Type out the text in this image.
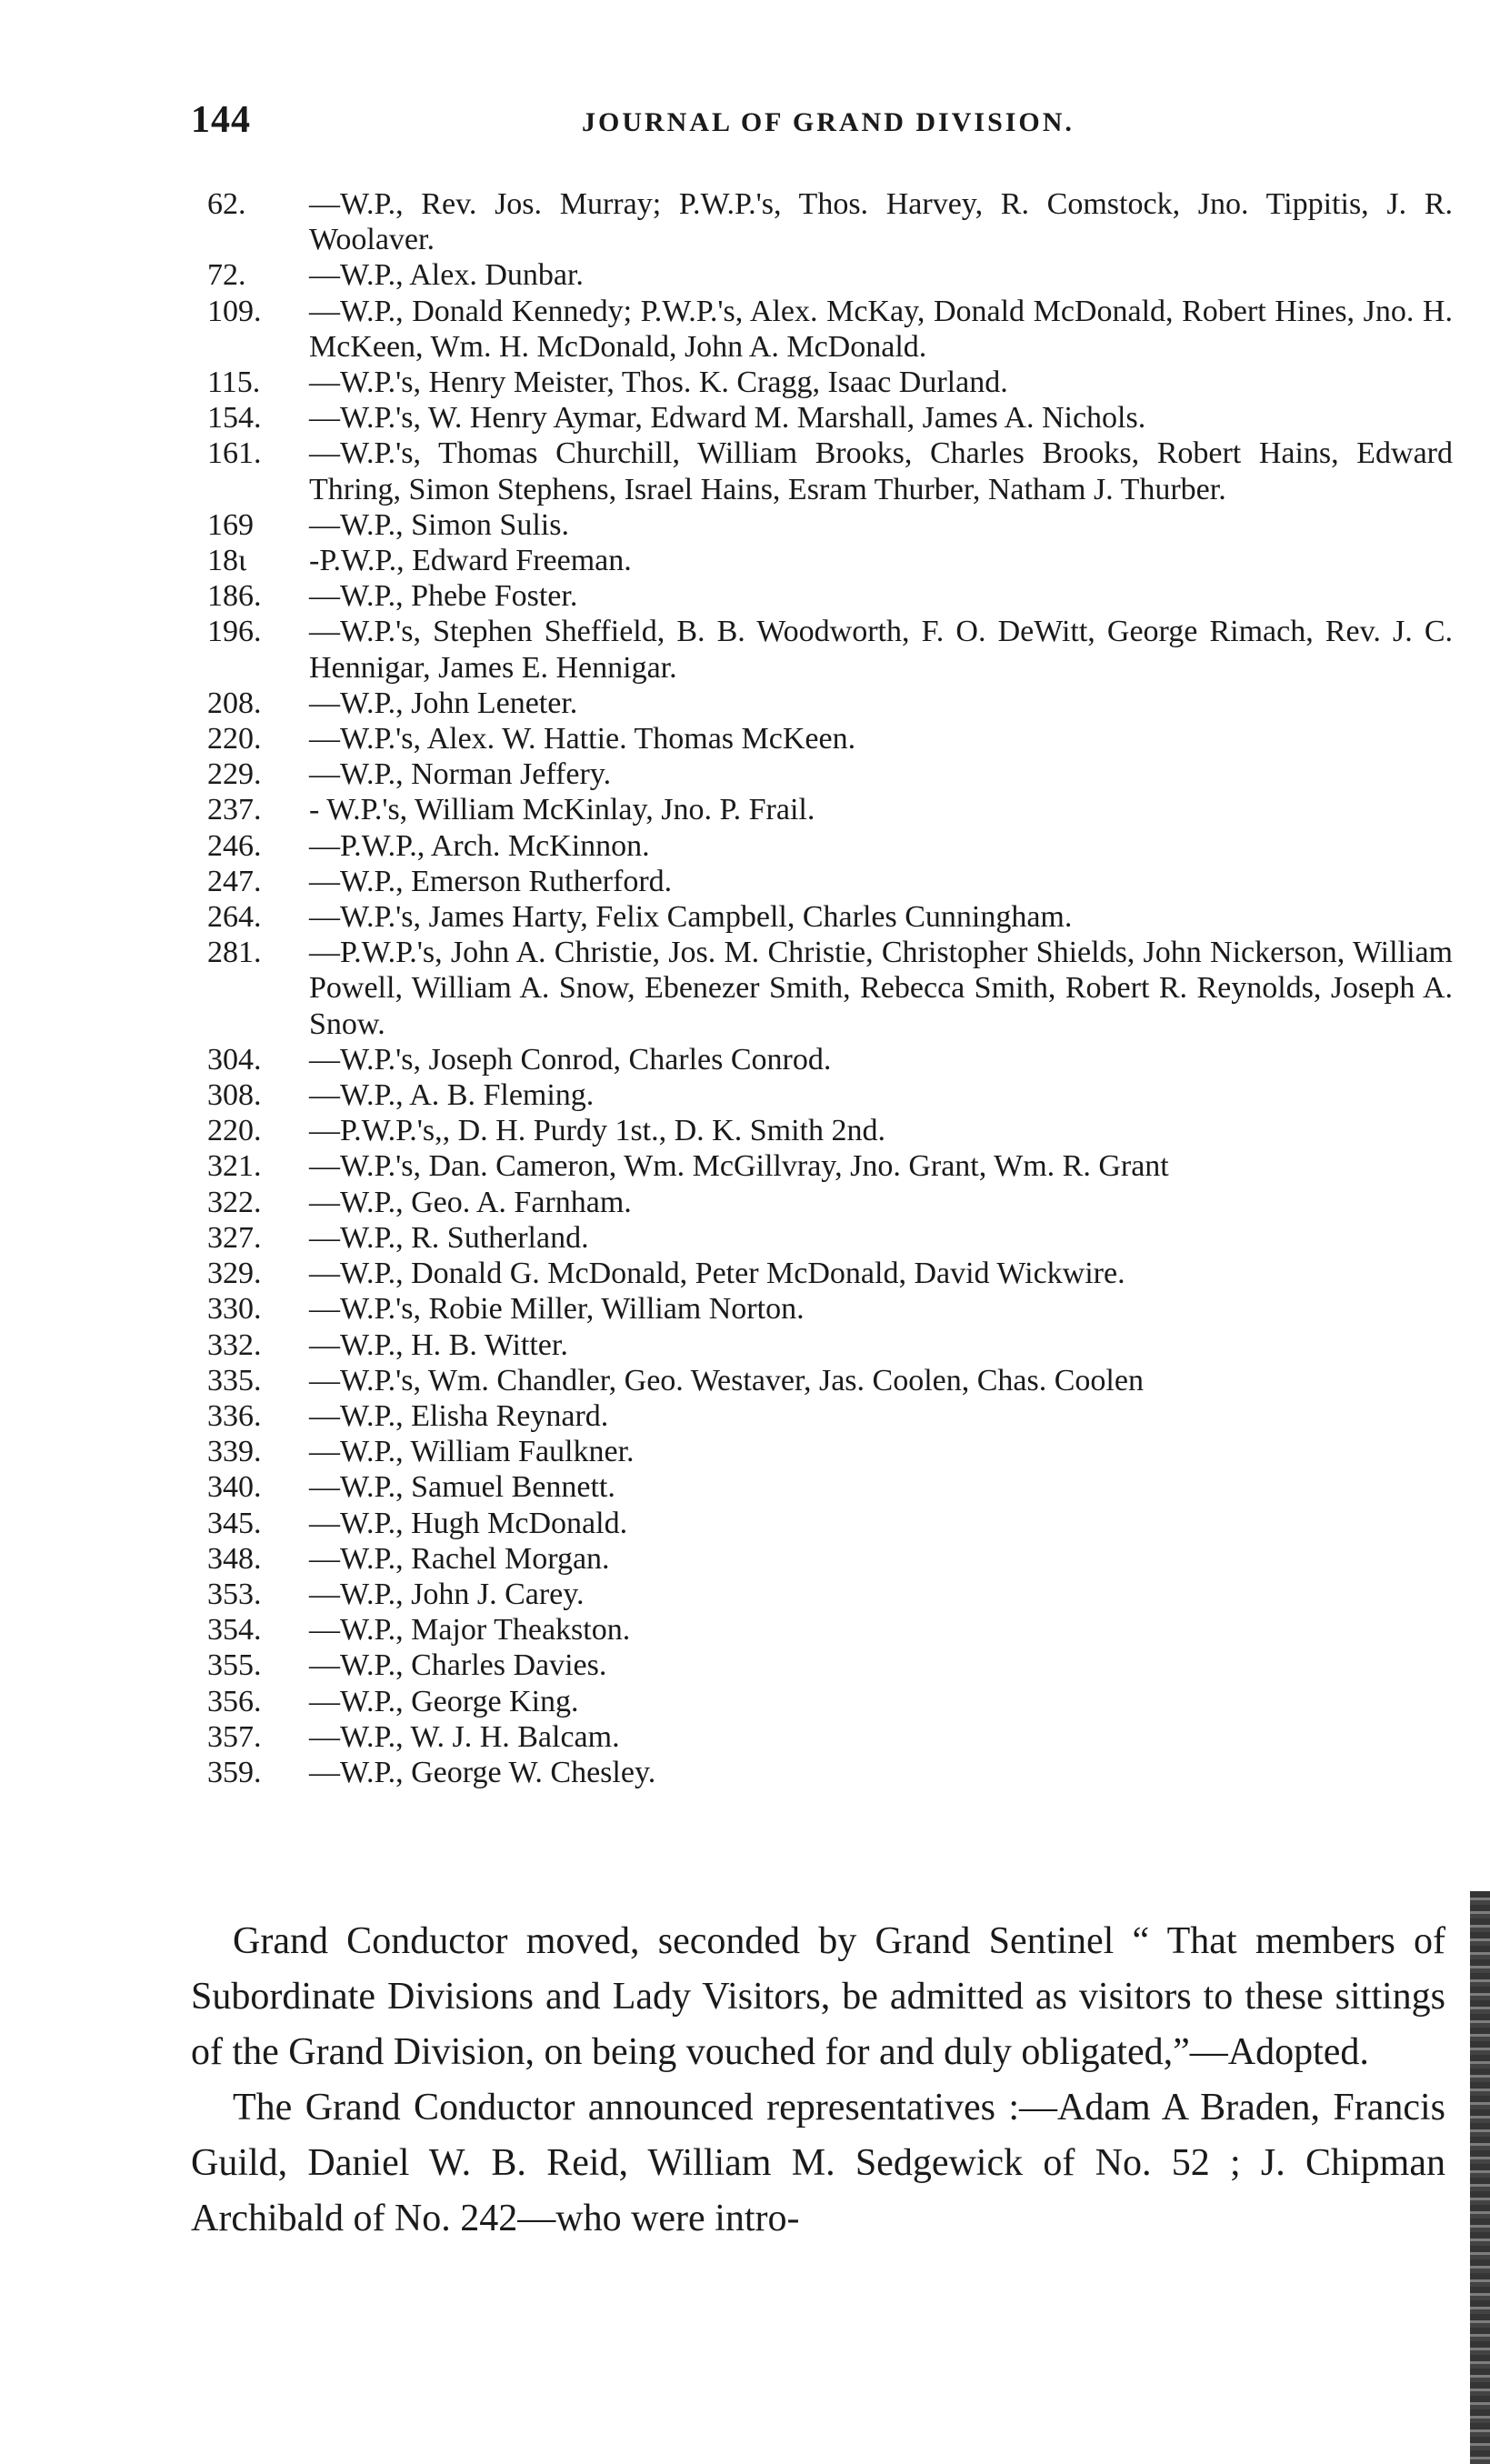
144	JOURNAL OF GRAND DIVISION.
62.	—W.P., Rev. Jos. Murray; P.W.P.'s, Thos. Harvey, R. Comstock, Jno. Tippitis, J. R. Woolaver.
72.	—W.P., Alex. Dunbar.
109.	—W.P., Donald Kennedy; P.W.P.'s, Alex. McKay, Donald McDonald, Robert Hines, Jno. H. McKeen, Wm. H. McDonald, John A. McDonald.
115.	—W.P.'s, Henry Meister, Thos. K. Cragg, Isaac Durland.
154.	—W.P.'s, W. Henry Aymar, Edward M. Marshall, James A. Nichols.
161.	—W.P.'s, Thomas Churchill, William Brooks, Charles Brooks, Robert Hains, Edward Thring, Simon Stephens, Israel Hains, Esram Thurber, Natham J. Thurber.
169	—W.P., Simon Sulis.
18ι	-P.W.P., Edward Freeman.
186.	—W.P., Phebe Foster.
196.	—W.P.'s, Stephen Sheffield, B. B. Woodworth, F. O. DeWitt, George Rimach, Rev. J. C. Hennigar, James E. Hennigar.
208.	—W.P., John Leneter.
220.	—W.P.'s, Alex. W. Hattie. Thomas McKeen.
229.	—W.P., Norman Jeffery.
237.	- W.P.'s, William McKinlay, Jno. P. Frail.
246.	—P.W.P., Arch. McKinnon.
247.	—W.P., Emerson Rutherford.
264.	—W.P.'s, James Harty, Felix Campbell, Charles Cunningham.
281.	—P.W.P.'s, John A. Christie, Jos. M. Christie, Christopher Shields, John Nickerson, William Powell, William A. Snow, Ebenezer Smith, Rebecca Smith, Robert R. Reynolds, Joseph A. Snow.
304.	—W.P.'s, Joseph Conrod, Charles Conrod.
308.	—W.P., A. B. Fleming.
220.	—P.W.P.'s,, D. H. Purdy 1st., D. K. Smith 2nd.
321.	—W.P.'s, Dan. Cameron, Wm. McGillvray, Jno. Grant, Wm. R. Grant
322.	—W.P., Geo. A. Farnham.
327.	—W.P., R. Sutherland.
329.	—W.P., Donald G. McDonald, Peter McDonald, David Wickwire.
330.	—W.P.'s, Robie Miller, William Norton.
332.	—W.P., H. B. Witter.
335.	—W.P.'s, Wm. Chandler, Geo. Westaver, Jas. Coolen, Chas. Coolen
336.	—W.P., Elisha Reynard.
339.	—W.P., William Faulkner.
340.	—W.P., Samuel Bennett.
345.	—W.P., Hugh McDonald.
348.	—W.P., Rachel Morgan.
353.	—W.P., John J. Carey.
354.	—W.P., Major Theakston.
355.	—W.P., Charles Davies.
356.	—W.P., George King.
357.	—W.P., W. J. H. Balcam.
359.	—W.P., George W. Chesley.

Grand Conductor moved, seconded by Grand Sentinel “ That members of Subordinate Divisions and Lady Visitors, be admitted as visitors to these sittings of the Grand Division, on being vouched for and duly obligated,”—Adopted.

The Grand Conductor announced representatives :—Adam A Braden, Francis Guild, Daniel W. B. Reid, William M. Sedgewick of No. 52 ; J. Chipman Archibald of No. 242—who were intro-
